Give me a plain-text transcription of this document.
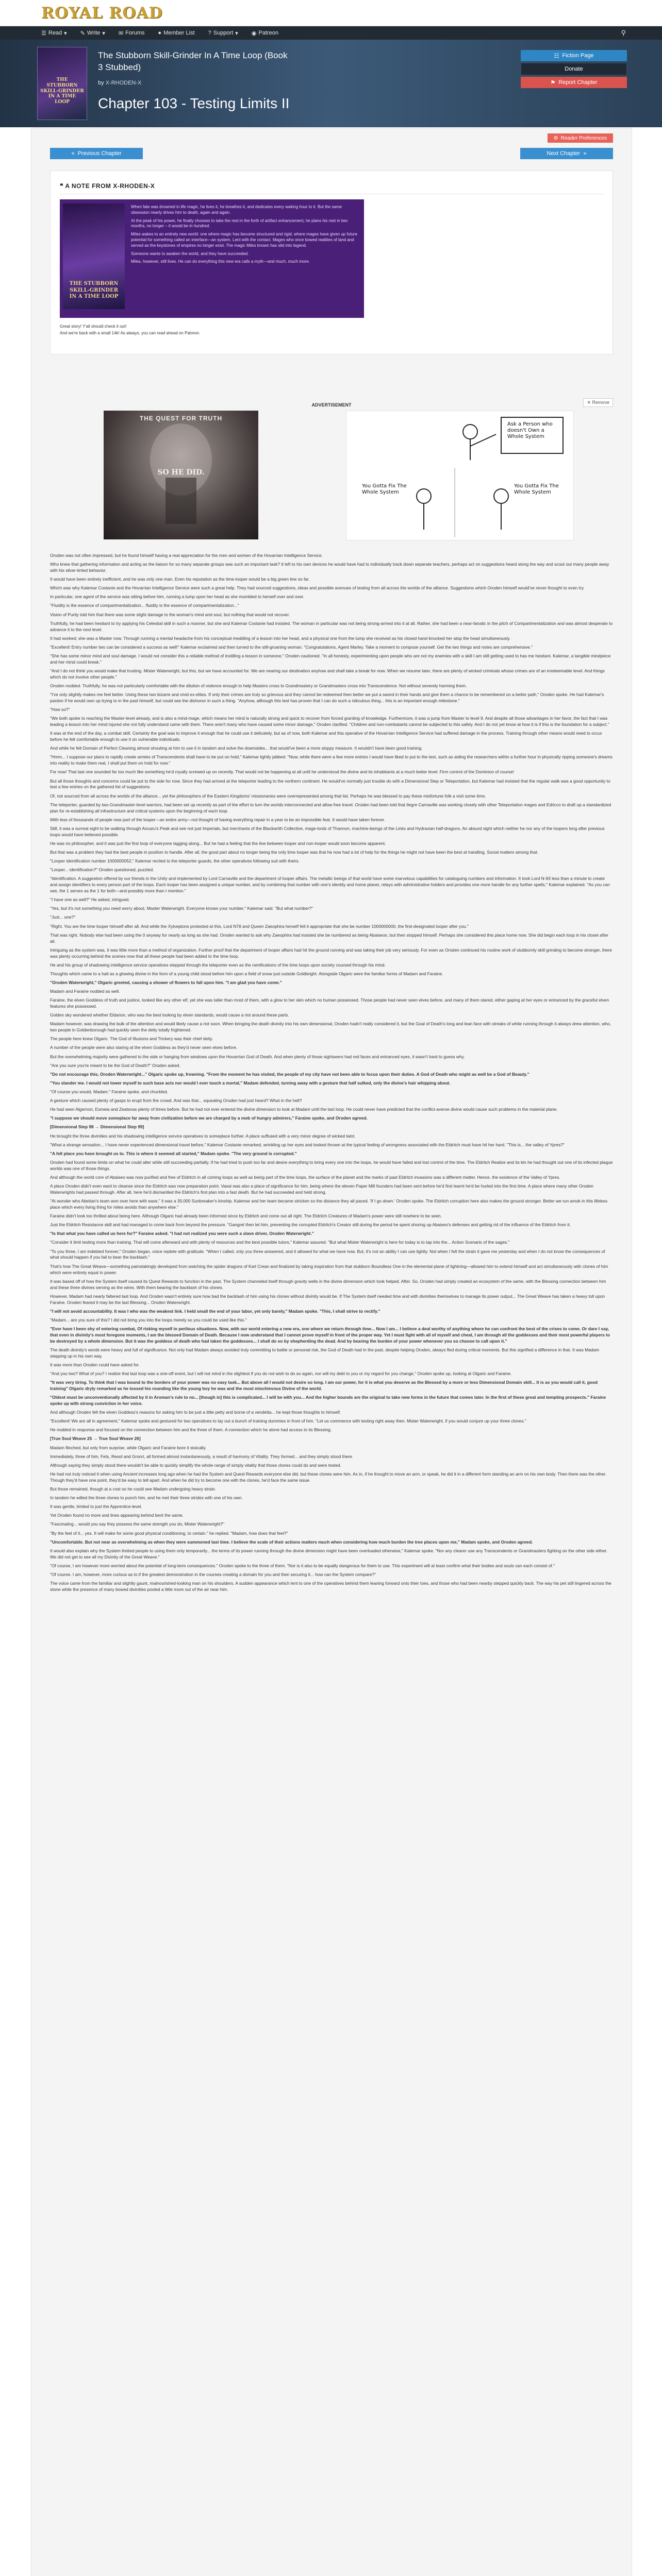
ROYAL ROAD
☰ Read ▾ ✎ Write ▾ ✉ Forums ● Member List ? Support ▾ ◉ Patreon	⚲
THE STUBBORN SKILL-GRINDER IN A TIME LOOP
The Stubborn Skill-Grinder In A Time Loop (Book 3 Stubbed)
by X-RHODEN-X
Chapter 103 - Testing Limits II
☷ Fiction Page
Donate
⚑ Report Chapter
⚙ Reader Preferences
« Previous Chapter	Next Chapter »
❝ A NOTE FROM X-RHODEN-X
THE STUBBORN SKILL-GRINDER IN A TIME LOOP

When fate was drowned in life magic, he lives it, he breathes it, and dedicates every waking hour to it. But the same obsession nearly drives him to death, again and again.

At the peak of his power, he finally chooses to take the rest in the forth of artifact enhancement, he plans his rest in two months, no longer – it would be in hundred.

Miles wakes to an entirely new world: one where magic has become structured and rigid, where mages have given up future potential for something called an interface—an system. Lent with the contact. Mages who once bowed realities of land and served as the keystones of empires no longer exist. The magic Miles known has slid into legend.

Someone wants to awaken the world, and they have succeeded.

Miles, however, still lives. He can do everything this new era calls a myth—and much, much more.

Great story! Y'all should check it out!

And we're back with a small 14k! As always, you can read ahead on Patreon.

ADVERTISEMENT	✕ Remove
THE QUEST FOR TRUTH
SO HE DID.
Ask a Person who doesn't Own a Whole System
You Gotta Fix The Whole System
You Gotta Fix The Whole System

Oroden was not often impressed, but he found himself having a real appreciation for the men and women of the Hovarrian Intelligence Service.

Who knew that gathering information and acting as the liaison for so many separate groups was such an important task? It left to his own devices he would have had to individually track down separate teachers, perhaps act on suggestions heard along the way and scout out many people away with his silver-tinted behavior.

It would have been entirely inefficient, and he was only one man. Even his reputation as the time-looper would be a big green line so far.

Which was why Kalemar Costanie and the Hovarrian Intelligence Service were such a great help. They had sourced suggestions, ideas and possible avenues of testing from all across the worlds of the alliance. Suggestions which Oroden himself would've never thought to even try.

In particular, one agent of the service was sitting before him, running a lump upon her head as she mumbled to herself over and over.

"Fluidity is the essence of compartmentalization... fluidity is the essence of compartmentalization..."

Vision of Purity told him that there was some slight damage to the woman's mind and soul, but nothing that would not recover.

Truthfully, he had been hesitant to try applying his Celestial skill in such a manner, but she and Kalemar Costanie had insisted. The woman in particular was not being strong-armed into it at all. Rather, she had been a near-fanatic in the pitch of Compartmentalization and was almost desperate to advance it to the next level.

It had worked; she was a Master now. Through running a mental headache from his conceptual meddling of a lesson into her head, and a physical one from the lump she received as his closed hand knocked her atop the head simultaneously.

"Excellent! Entry number two can be considered a success as well!" Kalemar exclaimed and then turned to the still-groaning woman. "Congratulations, Agent Marley. Take a moment to compose yourself. Get the two things and notes are comprehensive."

"She has some minor mind and soul damage. I would not consider this a reliable method of instilling a lesson in someone," Oroden cautioned. "In all honesty, experimenting upon people who are not my enemies with a skill I am still getting used to has me hesitant. Kalemar, a tangible mindpiece and her mind could break."

"And I do not think you would make that trusting. Mister Waterwright, but this, but we have accounted for. We are nearing our destination anyhow and shall take a break for now. When we resume later, there are plenty of wicked criminals whose crimes are of an irredeemable level. And things which do not involve other people."

Oroden nodded. Truthfully, he was not particularly comfortable with the dilution of violence enough to help Masters cross to Grandmastery or Grandmasters cross into Transcendence. Not without severely harming them.

"I've only slightly makes me feel better. Using these two bizarre and vivid ex-elites. If only their crimes are truly so grievous and they cannot be redeemed then better we put a sword in their hands and give them a chance to be remembered on a better path," Oroden spoke. He had Kalemar's pardon if he would own up trying to in the past himself, but could see the dishonor in such a thing. "Anyhow, although this test has proven that I can do such a ridiculous thing... this is an important enough milestone."

"How so?"

"We both spoke to reaching the Master-level already, and is also a mind-mage, which means her mind is naturally strong and quick to recover from forced granting of knowledge. Furthermore, it was a jump from Master to level 9. And despite all those advantages in her favor, the fact that I was leading a lesson into her mind injured she not fully understand came with them. There aren't many who have caused some minor damage," Oroden clarified. "Children and non-combatants cannot be subjected to this safely. And I do not yet know at how it is if this is the foundation for a subject."

It was at the end of the day, a combat skill. Certainly the goal was to improve it enough that he could use it delicately, but as of now, both Kalemar and this operative of the Hovarrian Intelligence Service had suffered damage in the process. Training through other means would need to occur before he felt comfortable enough to use it on vulnerable individuals.

And while he felt Domain of Perfect Cleaning almost shouting at him to use it in tandem and solve the downsides... that would've been a more sloppy measure. It wouldn't have been good training.

"Hmm... I suppose our plans to rapidly create armies of Transcendents shall have to be put on hold," Kalemar lightly jabbed. "Now, while there were a few more entries I would have liked to put to the test, such as aiding the researchers within a further hour in physically ripping someone's dreams into reality to make them real, I shall put them on hold for now."

For now! That last one sounded far too much like something he'd royally screwed up on recently. That would not be happening at all until he understood the divine and its inhabitants at a much better level. Firm control of the Dominion of course!

But all those thoughts and concerns could be put to the side for now. Since they had arrived at the teleporter leading to the northern continent. He would've normally just trouble do with a Dimensional Step or Teleportation, but Kalemar had insisted that the regular walk was a good opportunity to test a few entries on the gathered list of suggestions.

Of, not sourced from all across the worlds of the alliance... yet the philosophers of the Eastern Kingdoms' missionaries were overrepresented among that list. Perhaps he was blessed to pay these misfortune folk a visit some time.

The teleporter, guarded by two Grandmaster-level warriors, had been set up recently as part of the effort to turn the worlds interconnected and allow free travel. Oroden had been told that Ilegre Carnaville was working closely with other Teleportation mages and Edricco to draft up a standardized plan for re-establishing all infrastructure and critical systems upon the beginning of each loop.

With less of thousands of people now part of the looper—an entire army—not thought of having everything repair in a year to be an impossible feat. It would have taken forever.

Still, it was a surreal sight to be walking through Ancaru's Peak and see not just Imperials, but merchants of the Blackwrith Collective, mage-lords of Thannon, machine-beings of the Links and Hydraxian half-dragons. An absurd sight which neither he nor any of the loopers long after previous loops would have believed possible.

He was no philosopher, and it was just the first loop of everyone tagging along... But he had a feeling that the line between looper and non-looper would soon become apparent.

But that was a problem they had the best people in position to handle. After all, the good part about no longer being the only time looper was that he now had a lot of help for the things he might not have been the best at handling. Social matters among that.

"Looper identification number 1000000052," Kalemar recited to the teleporter guards, the other operatives following suit with theirs.

"Looper... identification?" Oroden questioned, puzzled.

"Identification. A suggestion offered by our friends in the Unity and implemented by Lord Carnaville and the department of looper affairs. The metallic beings of that world have some marvelous capabilities for cataloguing numbers and information. It took Lord N-93 less than a minute to create and assign identifiers to every person part of the loops. Each looper has been assigned a unique number, and by combining that number with one's identity and home planet, relays with administrative holders and provides one more handle for any further spells," Kalemar explained. "As you can see, the 1 serves as the 1 for both—and possibly more than I mention."

"I have one as well?" He asked, intrigued.

"Yes, but it's not something you need worry about, Master Waterwright. Everyone knows your number," Kalemar said. "But what number?"

"Just... one?"

"Right. You are the time looper himself after all. And while the Xylveptons protested at this, Lord N78 and Queen Zaeophira herself felt it appropriate that she be number 1000000000, the first-designated looper after you."

That was right. Nobody else had been using the 0 anyway for nearly as long as she had. Oroden wanted to ask why Zaeophira had insisted she be numbered as being Abaiseon, but then stopped himself. Perhaps she considered this place home now. She did begin each loop in his closet after all.

Intriguing as the system was, it was little more than a method of organization. Further proof that the department of looper affairs had hit the ground running and was taking their job very seriously. For even as Oroden continued his routine work of stubbornly skill grinding to become stronger, there was plenty occurring behind the scenes now that all these people had been added to the time loop.

He and his group of shadowing intelligence service operatives stepped through the teleporter even as the ramifications of the time loops upon society coursed through his mind.

Thoughts which came to a halt as a glowing divine in the form of a young child stood before him upon a field of snow just outside Goldbright. Alongside Olgaric were the familiar forms of Madam and Faraine.

"Oroden Waterwright," Olgaric greeted, causing a shower of flowers to fall upon him. "I am glad you have come."

Madam and Faraine nodded as well.

Faraine, the elven Goddess of truth and justice, looked like any other elf, yet she was taller than most of them, with a glow to her skin which no human possessed. Those people had never seen elves before, and many of them stared, either gaping at her eyes or entranced by the graceful elven features she possessed.

Golden sky wondered whether Eldarion, who was the best looking by elven standards, would cause a riot around these parts.

Madam however, was drawing the bulk of the attention and would likely cause a riot soon. When bringing the death divinity into his own dimensional, Oroden hadn't really considered it, but the Goal of Death's long and lean face with streaks of white running through it always drew attention, who, two people in Goldenborough had quickly seen the deity totally frightened.

The people here knew Olgaric. The God of Illusions and Trickery was their chief deity.

A number of the people were also staring at the elven Goddess as they'd never seen elves before.

But the overwhelming majority were gathered to the side or hanging from windows upon the Hovarrian God of Death. And when plenty of those sightseers had red faces and entranced eyes, it wasn't hard to guess why.

"Are you sure you're meant to be the God of Death?" Oroden asked.

"Do not encourage this, Oroden Waterwright..." Olgaric spoke up, frowning. "From the moment he has visited, the people of my city have not been able to focus upon their duties. A God of Death who might as well be a God of Beauty."

"You slander me. I would not lower myself to such base acts nor would I ever touch a mortal," Madam defended, turning away with a gesture that half sulked, only the divine's hair whipping about.

"Of course you would, Madam." Faraine spoke, and chuckled.

A gesture which caused plenty of gasps to erupt from the crowd. And was that... squealing Oroden had just heard? What in the hell?

He had seen Algernon, Esmeia and Zeatsnas plenty of times before. But he had not ever entered the divine dimension to look at Madam until the last loop. He could never have predicted that the conflict-averse divine would cause such problems in the material plane.

"I suppose we should move someplace far away from civilization before we are charged by a mob of hungry admirers," Faraine spoke, and Oroden agreed.

[Dimensional Step 98 → Dimensional Step 99]

He brought the three divinities and his shadowing intelligence service operatives to someplace further. A place suffused with a very minor degree of wicked taint.

"What a strange sensation... I have never experienced dimensional travel before," Kalemar Costanie remarked, wrinkling up her eyes and looked thrown at the typical feeling of wrongness associated with the Eldritch must have hit her hard. "This is... the valley of Ypres?"

"A fell place you have brought us to. This is where it seemed all started," Madam spoke. "The very ground is corrupted."

Oroden had found some limits on what he could alter while still succeeding partially. If he had tried to push too far and desire everything to bring every one into the loops, he would have failed and lost control of the time. The Eldritch Realize and its kin he had thought out one of its infected plague worlds was one of those things.

And although the world core of Abaiseo was now purified and free of Eldritch in all coming loops as well as being part of the time loops, the surface of the planet and the marks of past Eldritch invasions was a different matter. Hence, the existence of the Valley of Ypres.

A place Oroden didn't even want to cleanse since the Eldritch was now preparation point. Vasai was also a place of significance for him, being where the eleven Paper Mill founders had been sent before he'd first learnt he'd be hurled into the first time. A place where many other Oroden Waterwrights had passed through. After all, here he'd dismantled the Eldritch's first plan into a fast death. But he had succeeded and held strong.

"At wonder who Abeitan's team won over here with ease," it was a 30,000 Sunbreaker's kinship. Kalemar and her team became stricken so the distance they all paced. 'If I go down.' Oroden spoke. The Eldritch corruption here also makes the ground stronger. Better we run amok in this lifeless place which every living thing for miles avoids than anywhere else."

Faraine didn't look too thrilled about being here. Although Olgaric had already been informed since by Eldritch and come out all right. The Eldritch Creatures of Madam's power were still nowhere to be seen.

Just the Eldritch Resistance skill and had managed to come back from beyond the pressure. "Gangrel then let him, preventing the corrupted Eldritch's Creator still during the period he spent shoring up Abaiseo's defenses and getting rid of the influence of the Eldritch from it.

"Is that what you have called us here for?" Faraine asked. "I had not realized you were such a slave driver, Oroden Waterwright."

"Consider it limit testing more than training. That will come afterward and with plenty of resources and the best possible tutors," Kalemar assured. "But what Mister Waterwright is here for today is to tap into the... Action Scenario of the sages."

"To you three, I am indebted forever," Oroden began, voice replete with gratitude. "When I called, only you three answered, and it allowed for what we have now. But, it's not an ability I can use lightly. Not when I felt the strain it gave me yesterday and when I do not know the consequences of what should happen if you fail to bear the backlash."

That's how The Great Weave—something painstakingly developed from watching the spider dragons of Karl Crean and finalized by taking inspiration from that stubborn Boundless One in the elemental plane of lightning—allowed him to extend himself and act simultaneously with clones of him which were entirely equal in power.

It was based off of how the System itself caused its Quest Rewards to function in the past. The System channeled itself through gravity wells in the divine dimension which took helped. After. So, Oroden had simply created an ecosystem of the same, with the Blessing connection between him and these three divines serving as the wires. With them bearing the backlash of his clones.

However, Madam had nearly faltered last loop. And Oroden wasn't entirely sure how bad the backlash of him using his clones without divinity would be. If The System itself needed time and with divinities themselves to manage its power output... The Great Weave has taken a heavy toll upon Faraine. Oroden feared it may be the last Blessing... Oroden Waterwright.

"I will not avoid accountability. It was I who was the weakest link. I held small the end of your labor, yet only barely," Madam spoke. "This, I shall strive to rectify."

"Madam... are you sure of this? I did not bring you into the loops merely so you could be used like this."

"Ever have I been shy of entering combat, Of risking myself in perilous situations. Now, with our world entering a new era, one where we return through time... Now I am... I believe a deal worthy of anything where he can confront the best of the crises to come. Or dare I say, that even in divinity's most foregone moments, I am the blessed Domain of Death. Because I now understand that I cannot prove myself in front of the proper way. Yet I must fight with all of myself and cheat, I am through all the goddesses and their most powerful players to be destroyed by a whole dimension. But it was the goddess of death who had taken the goddesses... I shall do so by shepherding the dead. And by bearing the burden of your power whenever you so choose to call upon it."

The death divinity's words were heavy and full of significance. Not only had Madam always avoided truly committing to battle or personal risk, the God of Death had in the past, despite helping Oroden, always fled during critical moments. But this signified a difference in that. It was Madam stepping up in his own way.

It was more than Oroden could have asked for.

"And you two? What of you? I realize that last loop was a one-off event, but I will not mind in the slightest if you do not wish to do so again, nor will my debt to you or my regard for you change," Oroden spoke up, looking at Olgaric and Faraine.

"It was very tiring. To think that I was bound to the borders of your power was no easy task... But above all I would not desire so long. I am our power, for it is what you deserve as the Blessed by a more or less Dimensional Domain skill... It is as you would call it, good training" Olgaric dryly remarked as he tossed his rounding like the young boy he was and the most mischievous Divine of the world.

"Oldest must be unconventionally affected by it in Aroman's rule to no... [though in] this is complicated... I will be with you... And the higher bounds are the original to take new forms in the future that comes later. In the first of these great and tempting prospects." Faraine spoke up with strong conviction in her voice.

And although Oroden felt the elven Goddess's reasons for asking him to be just a little petty and borne of a vendetta... he kept those thoughts to himself.

"Excellent! We are all in agreement," Kalemar spoke and gestured for two operatives to lay out a bunch of training dummies in front of him. "Let us commence with testing right away then. Mister Waterwright, if you would conjure up your three clones."

He nodded in response and focused on the connection between him and the three of them. A connection which he alone had access to its Blessing.

[True Soul Weave 25 → True Soul Weave 26]

Madam flinched, but only from surprise, while Olgaric and Faraine bore it stoically.

Immediately, three of him, Fets, Resol and Gronri, all formed almost instantaneously, a result of harmony of Vitality. They formed... and they simply stood there.

Although saying they simply stood there wouldn't be able to quickly simplify the whole range of simply vitality that those clones could do and were tested.

He had not truly noticed it when using Ancient increases long ago when he had the System and Quest Rewards everyone else did, but these clones were him. As in, if he thought to move an arm, or speak, he did it in a different form standing an arm on his own body. Then there was the other. Though they'd have one point, they'd be easy to tell apart. And when he did try to become one with the clones, he'd face the same issue.

But those remained, though at a cost so he could see Madam undergoing heavy strain.

In tandem he willed the three clones to punch him, and he met their three strides with one of his own.

It was gentle, limited to just the Apprentice-level.

Yet Oroden found no more and lines appearing behind bent the same.

"Fascinating... would you say they possess the same strength you do, Mister Waterwright?"

"By the feel of it... yes. It will make for some good physical conditioning, to certain." he replied. "Madam, how does that feel?"

"Uncomfortable. But not near as overwhelming as when they were summoned last time. I believe the scale of their actions matters much when considering how much burden the tree places upon me," Madam spoke, and Oroden agreed.

It would also explain why the System limited people to using them only temporarily... the terms of its power running through the divine dimension might have been overloaded otherwise," Kalemar spoke. "Nor any clearer use any Transcendents or Grandmasters fighting on the other side either. We did not get to see all my Divinity of the Great Weave."

"Of course, I am however more worried about the potential of long-term consequences." Oroden spoke to the three of them. "Nor is it also to be equally dangerous for them to use. This experiment will at least confirm what their bodies and souls can each consist of."

"Of course. I am, however, more curious as to if the greatest demonstration in the courses creating a domain for you and then securing it... how can the System compare?"

The voice came from the familiar and slightly gaunt, malnourished-looking man on his shoulders. A sudden appearance which lent to one of the operatives behind them leaning forward onto their toes, and those who had been nearby stepped quickly back. The way his pet still lingered across the stone while the presence of many bowed divinities pooled a little more out of the air near him.
